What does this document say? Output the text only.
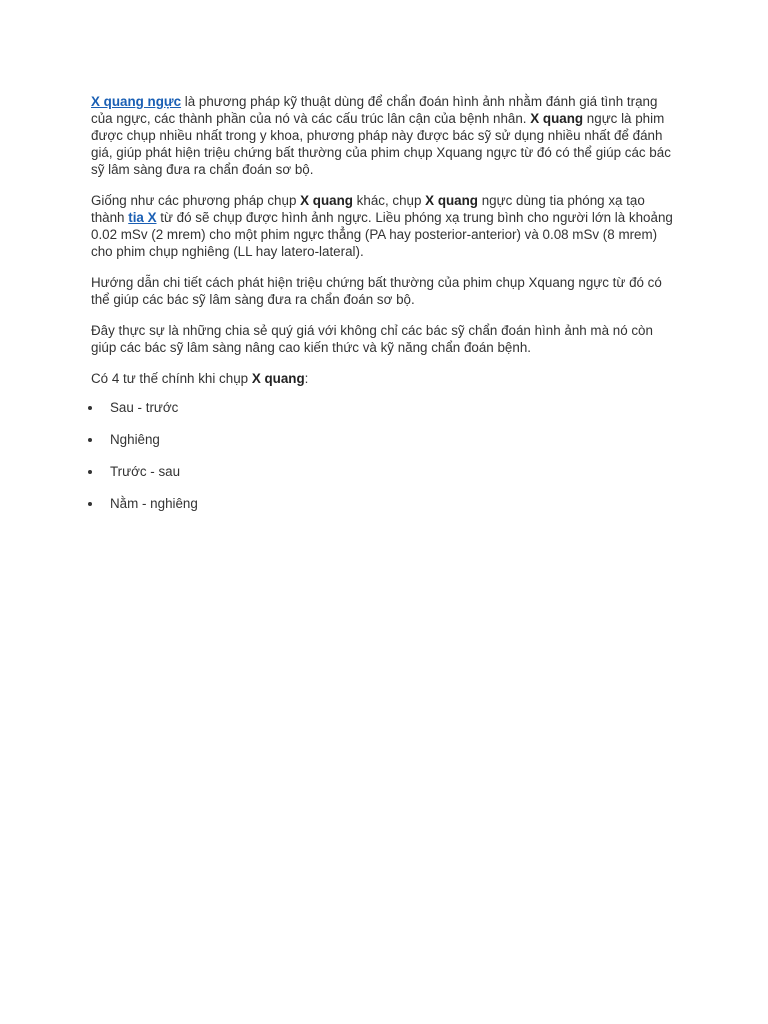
X quang ngực là phương pháp kỹ thuật dùng để chẩn đoán hình ảnh nhằm đánh giá tình trạng của ngực, các thành phần của nó và các cấu trúc lân cận của bệnh nhân. X quang ngực là phim được chụp nhiều nhất trong y khoa, phương pháp này được bác sỹ sử dụng nhiều nhất để đánh giá, giúp phát hiện triệu chứng bất thường của phim chụp Xquang ngực từ đó có thể giúp các bác sỹ lâm sàng đưa ra chẩn đoán sơ bộ.

Giống như các phương pháp chụp X quang khác, chụp X quang ngực dùng tia phóng xạ tạo thành tia X từ đó sẽ chụp được hình ảnh ngực. Liều phóng xạ trung bình cho người lớn là khoảng 0.02 mSv (2 mrem) cho một phim ngực thẳng (PA hay posterior-anterior) và 0.08 mSv (8 mrem) cho phim chụp nghiêng (LL hay latero-lateral).

Hướng dẫn chi tiết cách phát hiện triệu chứng bất thường của phim chụp Xquang ngực từ đó có thể giúp các bác sỹ lâm sàng đưa ra chẩn đoán sơ bộ.

Đây thực sự là những chia sẻ quý giá với không chỉ các bác sỹ chẩn đoán hình ảnh mà nó còn giúp các bác sỹ lâm sàng nâng cao kiến thức và kỹ năng chẩn đoán bệnh.

Có 4 tư thế chính khi chụp X quang:

Sau - trước
Nghiêng
Trước - sau
Nằm - nghiêng
